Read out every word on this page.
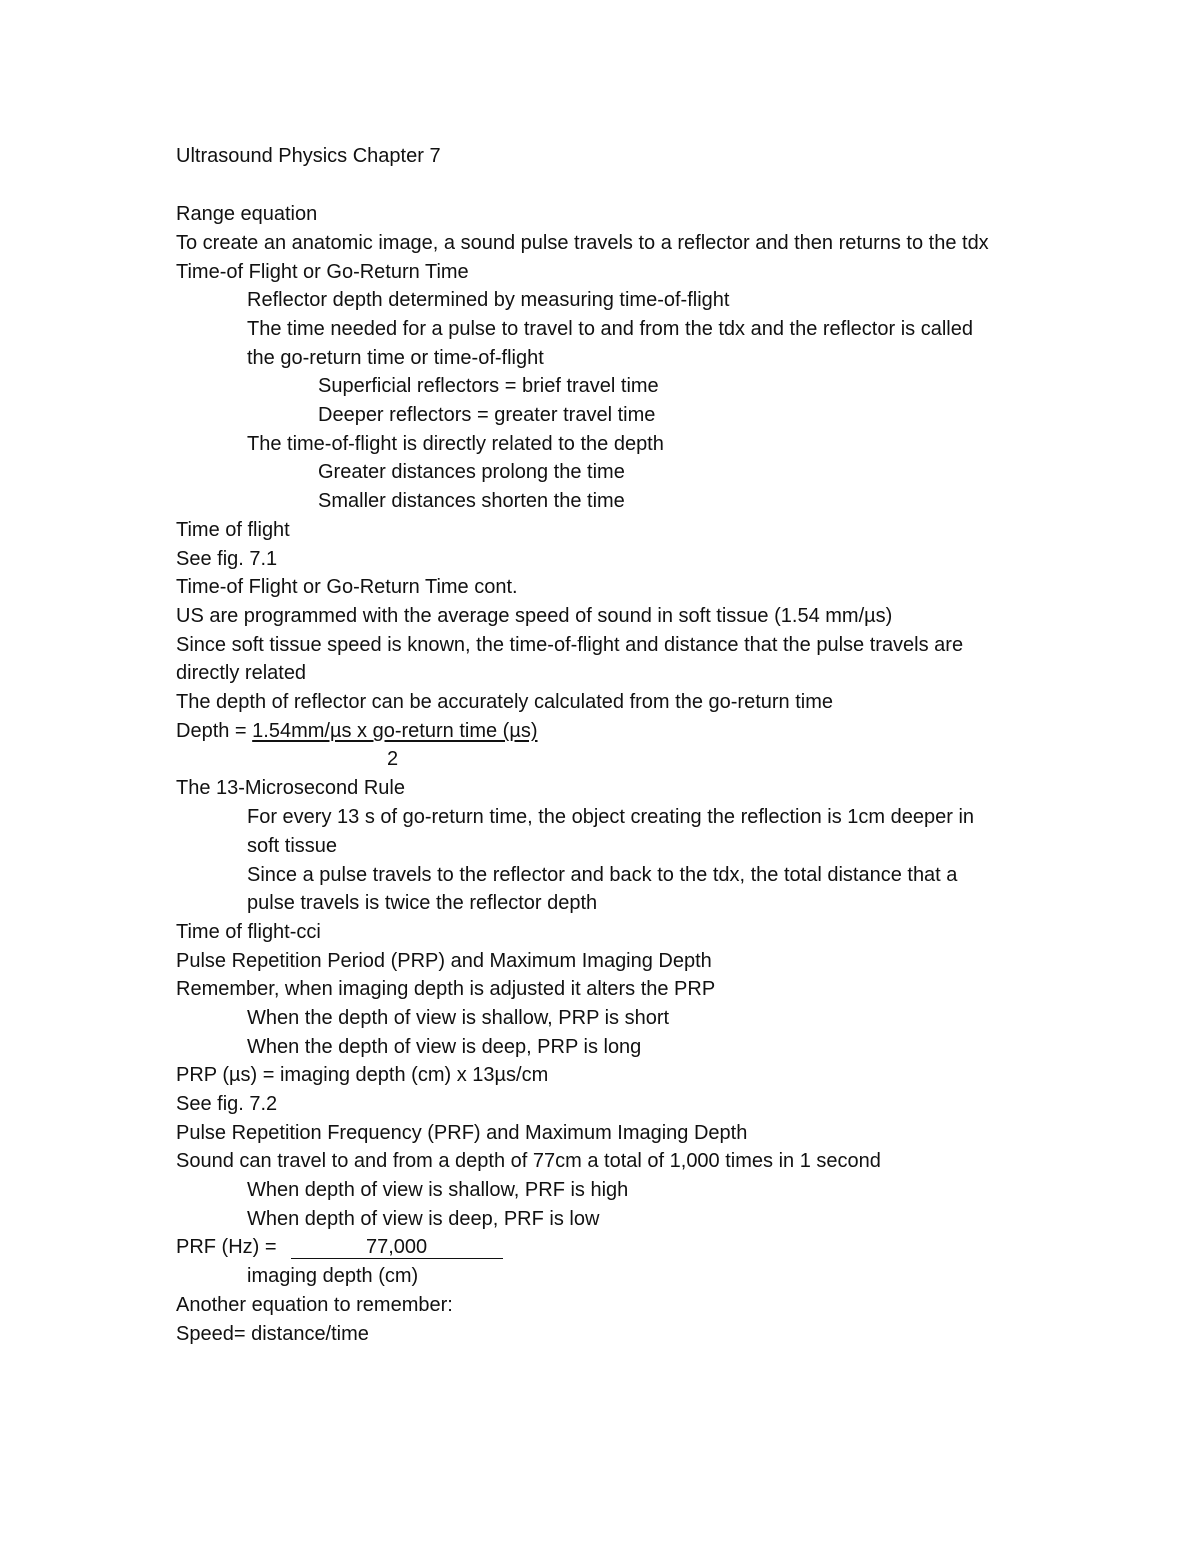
Ultrasound Physics Chapter 7
Range equation
To create an anatomic image, a sound pulse travels to a reflector and then returns to the tdx
Time-of Flight or Go-Return Time
Reflector depth determined by measuring time-of-flight
The time needed for a pulse to travel to and from the tdx and the reflector is called
the go-return time or time-of-flight
Superficial reflectors = brief travel time
Deeper reflectors = greater travel time
The time-of-flight is directly related to the depth
Greater distances prolong the time
Smaller distances shorten the time
Time of flight
See fig. 7.1
Time-of Flight or Go-Return Time cont.
US are programmed with the average speed of sound in soft tissue (1.54 mm/µs)
Since soft tissue speed is known, the time-of-flight and distance that the pulse travels are
directly related
The depth of reflector can be accurately calculated from the go-return time
Depth = 1.54mm/µs x go-return time (µs)
2
The 13-Microsecond Rule
For every 13 s of go-return time, the object creating the reflection is 1cm deeper in
soft tissue
Since a pulse travels to the reflector and back to the tdx, the total distance that a
pulse travels is twice the reflector depth
Time of flight-cci
Pulse Repetition Period (PRP) and Maximum Imaging Depth
Remember, when imaging depth is adjusted it alters the PRP
When the depth of view is shallow, PRP is short
When the depth of view is deep, PRP is long
PRP (µs) = imaging depth (cm) x 13µs/cm
See fig. 7.2
Pulse Repetition Frequency (PRF) and Maximum Imaging Depth
Sound can travel to and from a depth of 77cm a total of 1,000 times in 1 second
When depth of view is shallow, PRF is high
When depth of view is deep, PRF is low
PRF (Hz) =	77,000
imaging depth (cm)
Another equation to remember:
Speed= distance/time
